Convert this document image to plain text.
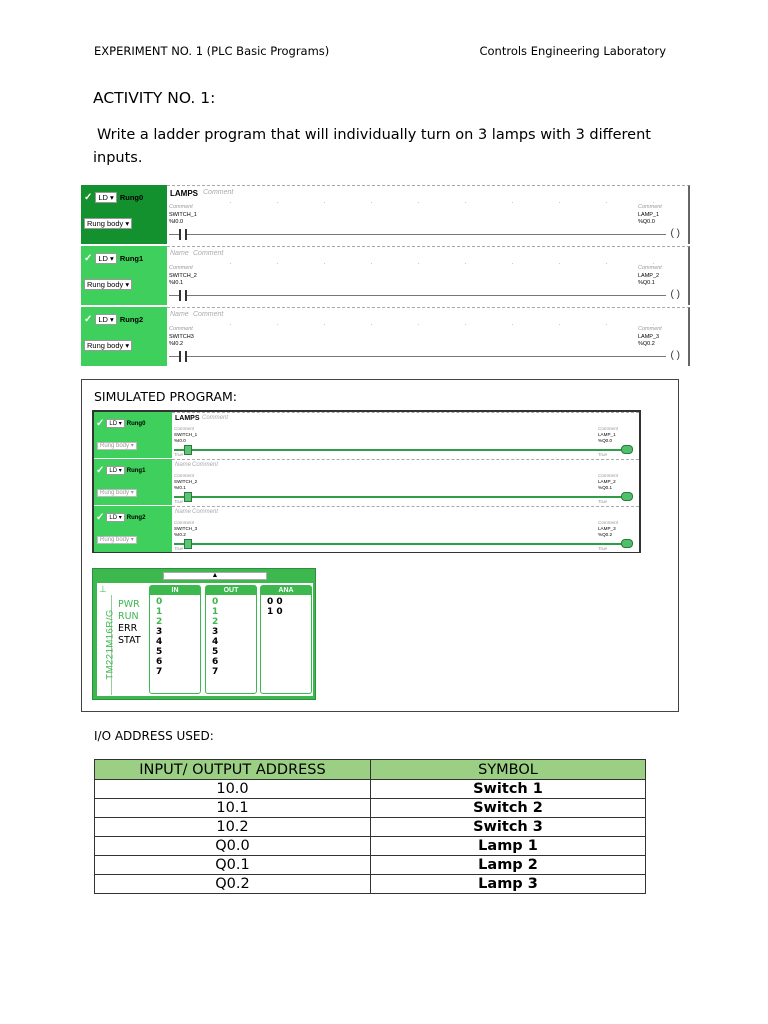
EXPERIMENT NO. 1 (PLC Basic Programs)	Controls Engineering Laboratory
ACTIVITY NO. 1:
Write a ladder program that will individually turn on 3 lamps with 3 different inputs.
✓ LD ▾ Rung0
Rung body ▾
LAMPS Comment
Comment
SWITCH_1
%I0.0
Comment
LAMP_1
%Q0.0
( )
✓ LD ▾ Rung1
Rung body ▾
Name Comment
Comment
SWITCH_2
%I0.1
Comment
LAMP_2
%Q0.1
( )
✓ LD ▾ Rung2
Rung body ▾
Name Comment
Comment
SWITCH3
%I0.2
Comment
LAMP_3
%Q0.2
( )
SIMULATED PROGRAM:
✓ LD ▾ Rung0
Rung body ▾
LAMPS Comment
Comment
SWITCH_1
%I0.0
True
Comment
LAMP_1
%Q0.0
True
✓ LD ▾ Rung1
Rung body ▾
Name Comment
Comment
SWITCH_2
%I0.1
True
Comment
LAMP_2
%Q0.1
True
✓ LD ▾ Rung2
Rung body ▾
Name Comment
Comment
SWITCH_3
%I0.2
True
Comment
LAMP_3
%Q0.2
True
▲
⊥
TM221M16R/G
PWR
RUN
ERR
STAT
IN
0
1
2
3
4
5
6
7
OUT
0
1
2
3
4
5
6
7
ANA
0 0
1 0
I/O ADDRESS USED:
INPUT/ OUTPUT ADDRESS	SYMBOL
10.0	Switch 1
10.1	Switch 2
10.2	Switch 3
Q0.0	Lamp 1
Q0.1	Lamp 2
Q0.2	Lamp 3
